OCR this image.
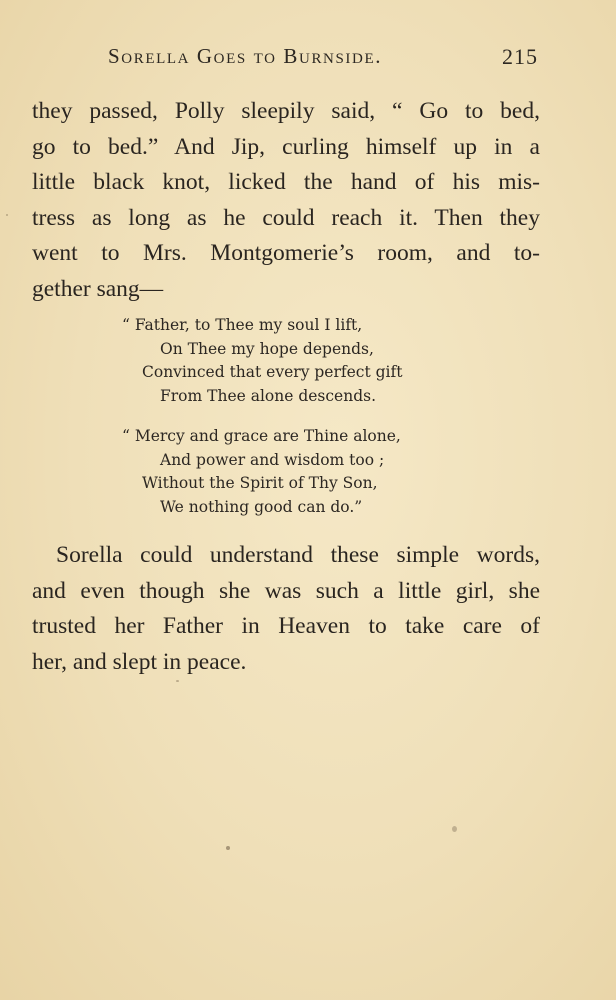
Sorella Goes to Burnside.	215
they passed, Polly sleepily said, “ Go to bed,
go to bed.” And Jip, curling himself up in a
little black knot, licked the hand of his mis-
tress as long as he could reach it. Then they
went to Mrs. Montgomerie’s room, and to-
gether sang—
“ Father, to Thee my soul I lift,
On Thee my hope depends,
Convinced that every perfect gift
From Thee alone descends.
“ Mercy and grace are Thine alone,
And power and wisdom too ;
Without the Spirit of Thy Son,
We nothing good can do.”
Sorella could understand these simple words,
and even though she was such a little girl, she
trusted her Father in Heaven to take care of
her, and slept in peace.
